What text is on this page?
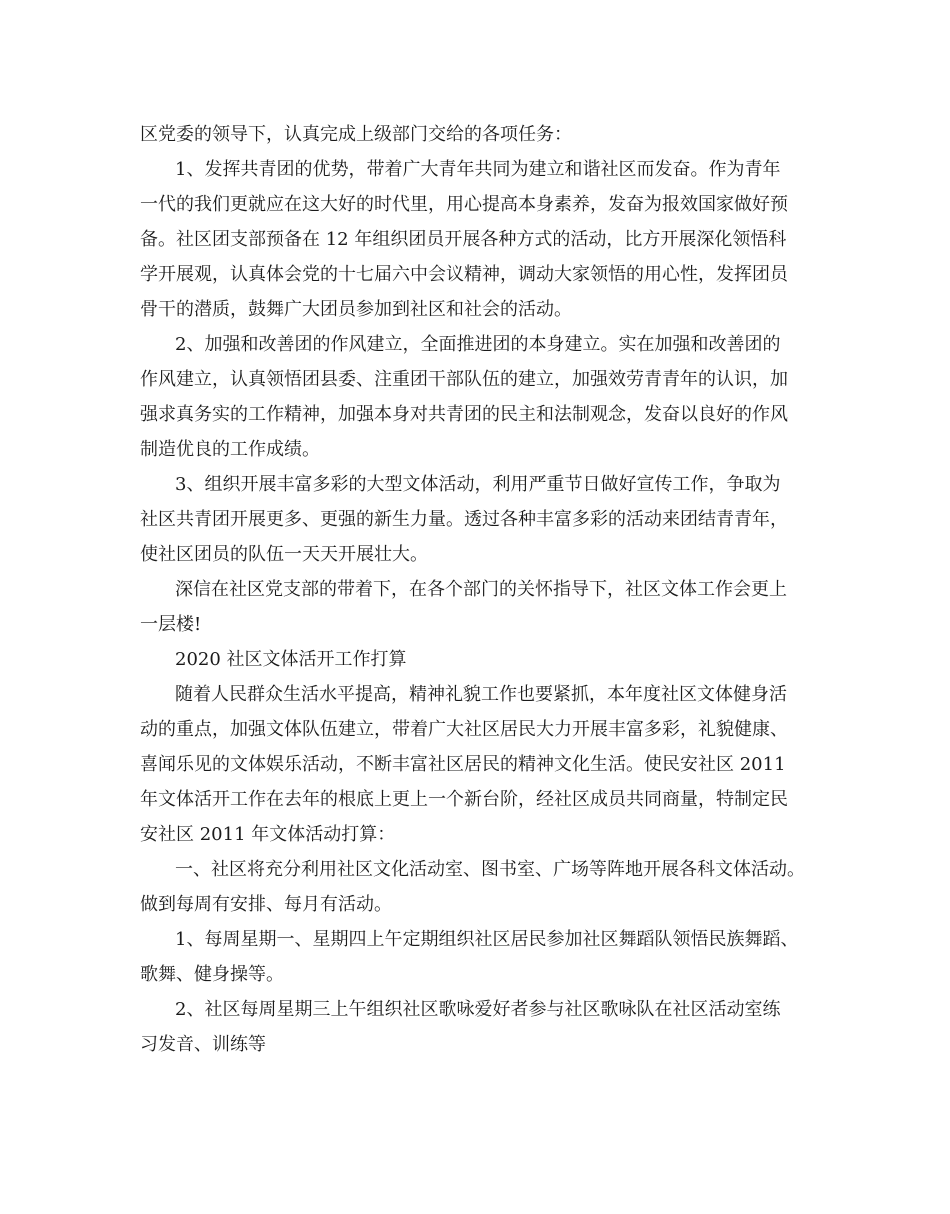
区党委的领导下，认真完成上级部门交给的各项任务：
1、发挥共青团的优势，带着广大青年共同为建立和谐社区而发奋。作为青年
一代的我们更就应在这大好的时代里，用心提高本身素养，发奋为报效国家做好预
备。社区团支部预备在 12 年组织团员开展各种方式的活动，比方开展深化领悟科
学开展观，认真体会党的十七届六中会议精神，调动大家领悟的用心性，发挥团员
骨干的潜质，鼓舞广大团员参加到社区和社会的活动。
2、加强和改善团的作风建立，全面推进团的本身建立。实在加强和改善团的
作风建立，认真领悟团县委、注重团干部队伍的建立，加强效劳青青年的认识，加
强求真务实的工作精神，加强本身对共青团的民主和法制观念，发奋以良好的作风
制造优良的工作成绩。
3、组织开展丰富多彩的大型文体活动，利用严重节日做好宣传工作，争取为
社区共青团开展更多、更强的新生力量。透过各种丰富多彩的活动来团结青青年，
使社区团员的队伍一天天开展壮大。
深信在社区党支部的带着下，在各个部门的关怀指导下，社区文体工作会更上
一层楼!
2020 社区文体活开工作打算
随着人民群众生活水平提高，精神礼貌工作也要紧抓，本年度社区文体健身活
动的重点，加强文体队伍建立，带着广大社区居民大力开展丰富多彩，礼貌健康、
喜闻乐见的文体娱乐活动，不断丰富社区居民的精神文化生活。使民安社区 2011
年文体活开工作在去年的根底上更上一个新台阶，经社区成员共同商量，特制定民
安社区 2011 年文体活动打算：
一、社区将充分利用社区文化活动室、图书室、广场等阵地开展各科文体活动。
做到每周有安排、每月有活动。
1、每周星期一、星期四上午定期组织社区居民参加社区舞蹈队领悟民族舞蹈、
歌舞、健身操等。
2、社区每周星期三上午组织社区歌咏爱好者参与社区歌咏队在社区活动室练
习发音、训练等
